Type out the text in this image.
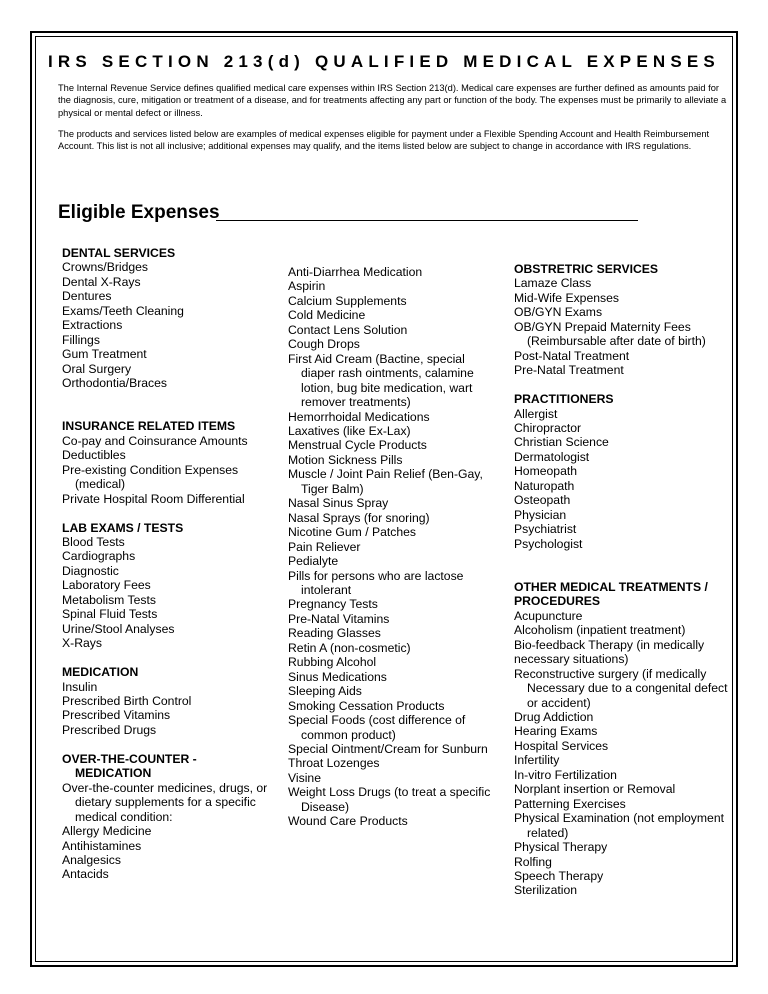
IRS SECTION 213(d) QUALIFIED MEDICAL EXPENSES
The Internal Revenue Service defines qualified medical care expenses within IRS Section 213(d). Medical care expenses are further defined as amounts paid for the diagnosis, cure, mitigation or treatment of a disease, and for treatments affecting any part or function of the body. The expenses must be primarily to alleviate a physical or mental defect or illness.
The products and services listed below are examples of medical expenses eligible for payment under a Flexible Spending Account and Health Reimbursement Account. This list is not all inclusive; additional expenses may qualify, and the items listed below are subject to change in accordance with IRS regulations.
Eligible Expenses
DENTAL SERVICES
Crowns/Bridges
Dental X-Rays
Dentures
Exams/Teeth Cleaning
Extractions
Fillings
Gum Treatment
Oral Surgery
Orthodontia/Braces
INSURANCE RELATED ITEMS
Co-pay and Coinsurance Amounts
Deductibles
Pre-existing Condition Expenses
(medical)
Private Hospital Room Differential
LAB EXAMS / TESTS
Blood Tests
Cardiographs
Diagnostic
Laboratory Fees
Metabolism Tests
Spinal Fluid Tests
Urine/Stool Analyses
X-Rays
MEDICATION
Insulin
Prescribed Birth Control
Prescribed Vitamins
Prescribed Drugs
OVER-THE-COUNTER -
MEDICATION
Over-the-counter medicines, drugs, or
dietary supplements for a specific
medical condition:
Allergy Medicine
Antihistamines
Analgesics
Antacids
Anti-Diarrhea Medication
Aspirin
Calcium Supplements
Cold Medicine
Contact Lens Solution
Cough Drops
First Aid Cream (Bactine, special
diaper rash ointments, calamine
lotion, bug bite medication, wart
remover treatments)
Hemorrhoidal Medications
Laxatives (like Ex-Lax)
Menstrual Cycle Products
Motion Sickness Pills
Muscle / Joint Pain Relief (Ben-Gay,
Tiger Balm)
Nasal Sinus Spray
Nasal Sprays (for snoring)
Nicotine Gum / Patches
Pain Reliever
Pedialyte
Pills for persons who are lactose
intolerant
Pregnancy Tests
Pre-Natal Vitamins
Reading Glasses
Retin A (non-cosmetic)
Rubbing Alcohol
Sinus Medications
Sleeping Aids
Smoking Cessation Products
Special Foods (cost difference of
common product)
Special Ointment/Cream for Sunburn
Throat Lozenges
Visine
Weight Loss Drugs (to treat a specific
Disease)
Wound Care Products
OBSTRETRIC SERVICES
Lamaze Class
Mid-Wife Expenses
OB/GYN Exams
OB/GYN Prepaid Maternity Fees
(Reimbursable after date of birth)
Post-Natal Treatment
Pre-Natal Treatment
PRACTITIONERS
Allergist
Chiropractor
Christian Science
Dermatologist
Homeopath
Naturopath
Osteopath
Physician
Psychiatrist
Psychologist
OTHER MEDICAL TREATMENTS /
PROCEDURES
Acupuncture
Alcoholism (inpatient treatment)
Bio-feedback Therapy (in medically
necessary situations)
Reconstructive surgery (if medically
Necessary due to a congenital defect
or accident)
Drug Addiction
Hearing Exams
Hospital Services
Infertility
In-vitro Fertilization
Norplant insertion or Removal
Patterning Exercises
Physical Examination (not employment
related)
Physical Therapy
Rolfing
Speech Therapy
Sterilization
